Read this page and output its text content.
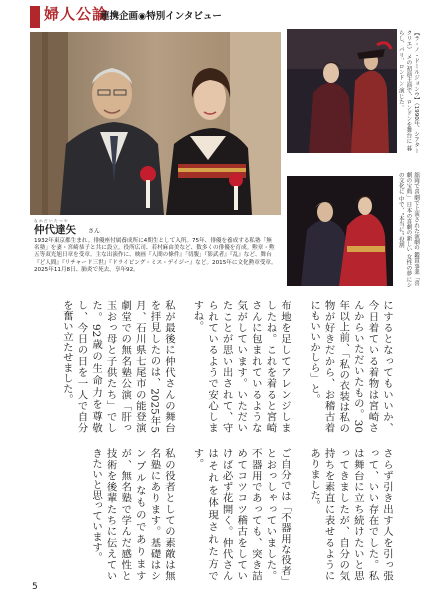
婦人公論
連携企画◉特別インタビュー
【ラ・ノ・ドールジョンウ】（1990年、シアタークリエ） メの初演主演で、ロンドンを舞台に 暮らし、パリ、ロンドン 演じた。
舘岡で喜劇で上演された演劇の 鑑賞事業「喜劇の宝典」 日本の喜劇の新しい 女性の夢にシの文化に 中で、"本当に" 役割
なかだいたつや
仲代達矢 さん
1932年東京都生まれ。俳優座付属養成所に4期生として入所。75年、俳優を養成する私塾「無名塾」を妻・宮崎恭子と共に設立。役所広司、若村麻由美など、数多くの俳優を育成。勲章・勲五等双光旭日章を受章。主な出演作に、映画『人間の條件』「切腹」『影武者』『乱』など、舞台『ど人間』『リチャード三世』『ドライビング・ミス・デイジー』など。2015年に文化勲章受章。2025年11月8日、肺炎で死去。享年92。
にするとなってもいいか、今日着ている着物は宮崎さんからいただいたもの。30年以上前、「私の衣装は私の物が好きだから、お稽古着にもいいかしら」と。
布地を足してアレンジしましたね。これを着ると宮崎さんに包まれているような気がしています。いただいたことが思い出されて、守られているようで安心しますね。
私が最後に仲代さんの舞台を拝見したのは、2025年5月、石川県七尾市の能登演劇堂での無名塾公演「肝っ玉おっ母と子供たち」でした。92歳の生命力を尊敬し、今日の日を一人で自分を奮い立たせました。
さらず引き出す人を引っ張って、いい存在でした。私は舞台に立ち続けたいと思ってきましたが、自分の気持ちを素直に表せるようにありました。
ご自分では「不器用な役者」とおっしゃっていました。不器用であっても、突き詰めてコツコツ稽古をしていけば必ず花開く。仲代さんはそれを体現された方です。
私の役者としての素敵は無名塾にあります。基礎はシンプルなものでありますが、無名塾で学んだ感性と技術を後輩たちに伝えていきたいと思っています。
5
